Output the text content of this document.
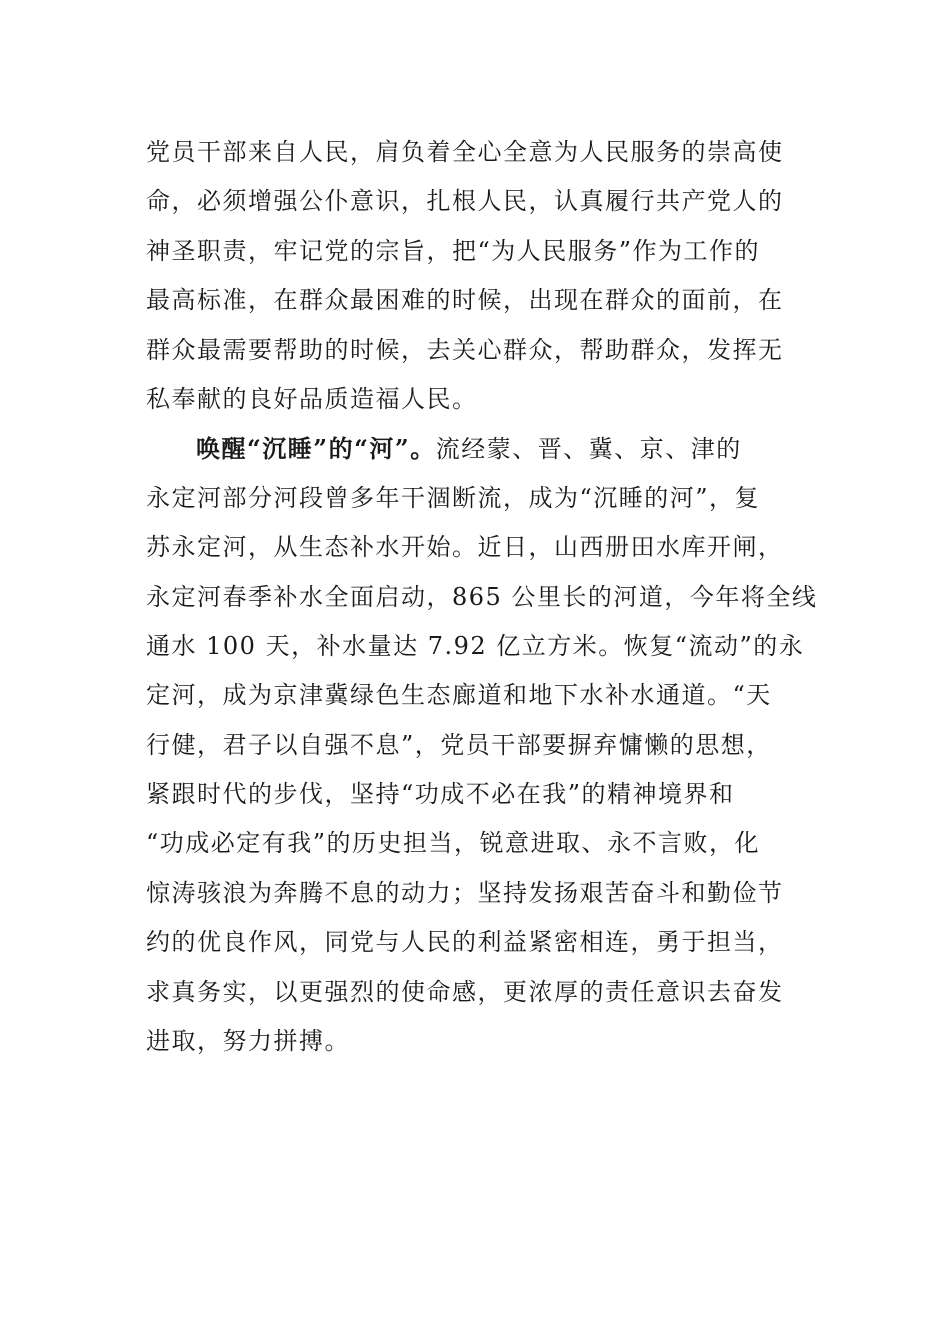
党员干部来自人民，肩负着全心全意为人民服务的崇高使
命，必须增强公仆意识，扎根人民，认真履行共产党人的
神圣职责，牢记党的宗旨，把“为人民服务”作为工作的
最高标准，在群众最困难的时候，出现在群众的面前，在
群众最需要帮助的时候，去关心群众，帮助群众，发挥无
私奉献的良好品质造福人民。
唤醒“沉睡”的“河”。流经蒙、晋、冀、京、津的
永定河部分河段曾多年干涸断流，成为“沉睡的河”，复
苏永定河，从生态补水开始。近日，山西册田水库开闸，
永定河春季补水全面启动，865 公里长的河道，今年将全线
通水 100 天，补水量达 7.92 亿立方米。恢复“流动”的永
定河，成为京津冀绿色生态廊道和地下水补水通道。“天
行健，君子以自强不息”，党员干部要摒弃慵懒的思想，
紧跟时代的步伐，坚持“功成不必在我”的精神境界和
“功成必定有我”的历史担当，锐意进取、永不言败，化
惊涛骇浪为奔腾不息的动力；坚持发扬艰苦奋斗和勤俭节
约的优良作风，同党与人民的利益紧密相连，勇于担当，
求真务实，以更强烈的使命感，更浓厚的责任意识去奋发
进取，努力拼搏。
